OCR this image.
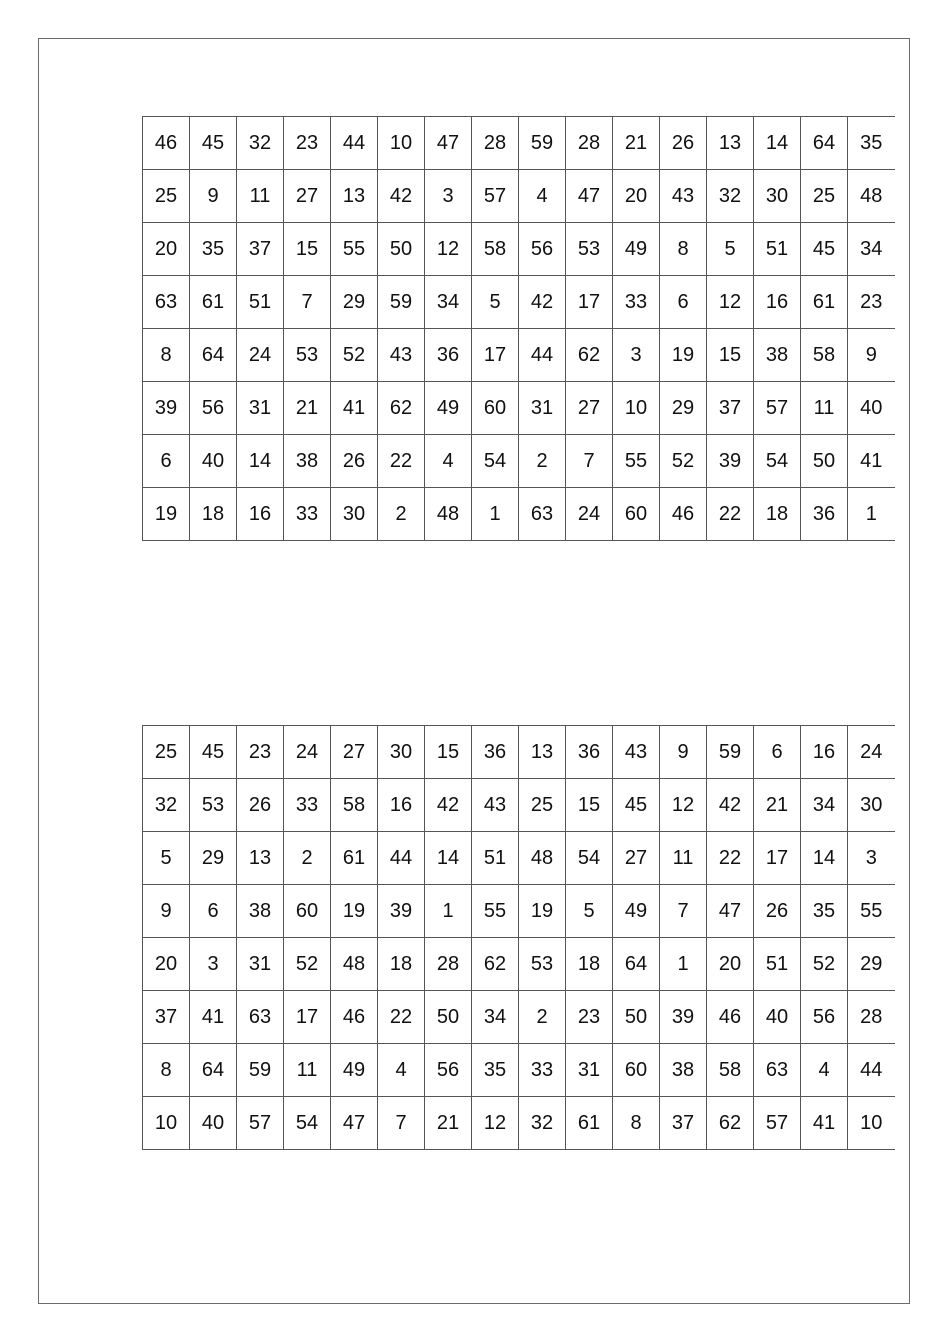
46	45	32	23	44	10	47	28	59	28	21	26	13	14	64	35
25	9	11	27	13	42	3	57	4	47	20	43	32	30	25	48
20	35	37	15	55	50	12	58	56	53	49	8	5	51	45	34
63	61	51	7	29	59	34	5	42	17	33	6	12	16	61	23
8	64	24	53	52	43	36	17	44	62	3	19	15	38	58	9
39	56	31	21	41	62	49	60	31	27	10	29	37	57	11	40
6	40	14	38	26	22	4	54	2	7	55	52	39	54	50	41
19	18	16	33	30	2	48	1	63	24	60	46	22	18	36	1
25	45	23	24	27	30	15	36	13	36	43	9	59	6	16	24
32	53	26	33	58	16	42	43	25	15	45	12	42	21	34	30
5	29	13	2	61	44	14	51	48	54	27	11	22	17	14	3
9	6	38	60	19	39	1	55	19	5	49	7	47	26	35	55
20	3	31	52	48	18	28	62	53	18	64	1	20	51	52	29
37	41	63	17	46	22	50	34	2	23	50	39	46	40	56	28
8	64	59	11	49	4	56	35	33	31	60	38	58	63	4	44
10	40	57	54	47	7	21	12	32	61	8	37	62	57	41	10
